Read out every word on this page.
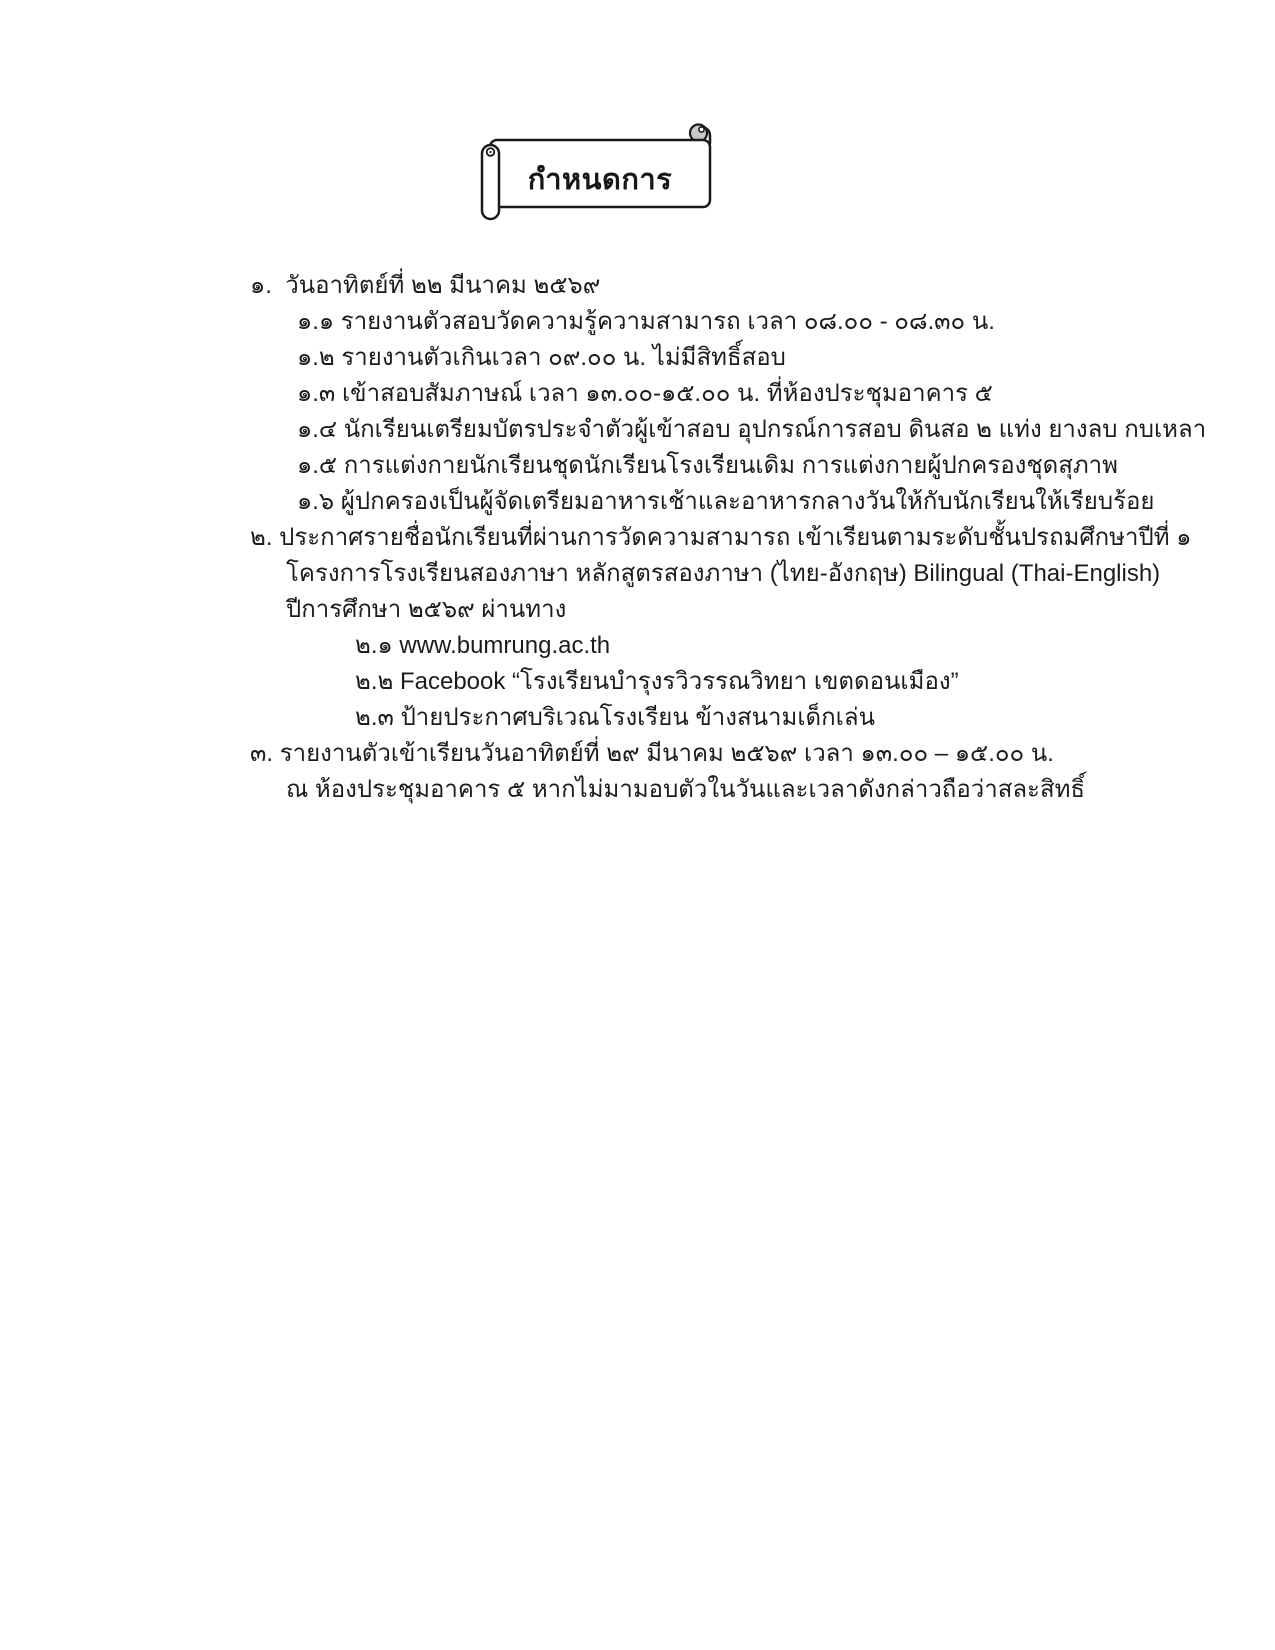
กำหนดการ
๑.  วันอาทิตย์ที่ ๒๒ มีนาคม ๒๕๖๙
๑.๑ รายงานตัวสอบวัดความรู้ความสามารถ เวลา ๐๘.๐๐ - ๐๘.๓๐ น.
๑.๒ รายงานตัวเกินเวลา ๐๙.๐๐ น. ไม่มีสิทธิ์สอบ
๑.๓ เข้าสอบสัมภาษณ์ เวลา ๑๓.๐๐-๑๕.๐๐ น. ที่ห้องประชุมอาคาร ๕
๑.๔ นักเรียนเตรียมบัตรประจำตัวผู้เข้าสอบ อุปกรณ์การสอบ ดินสอ ๒ แท่ง ยางลบ กบเหลา
๑.๕ การแต่งกายนักเรียนชุดนักเรียนโรงเรียนเดิม การแต่งกายผู้ปกครองชุดสุภาพ
๑.๖ ผู้ปกครองเป็นผู้จัดเตรียมอาหารเช้าและอาหารกลางวันให้กับนักเรียนให้เรียบร้อย
๒. ประกาศรายชื่อนักเรียนที่ผ่านการวัดความสามารถ เข้าเรียนตามระดับชั้นปรถมศึกษาปีที่ ๑
โครงการโรงเรียนสองภาษา หลักสูตรสองภาษา (ไทย-อังกฤษ) Bilingual (Thai-English)
ปีการศึกษา ๒๕๖๙ ผ่านทาง
๒.๑ www.bumrung.ac.th
๒.๒ Facebook “โรงเรียนบำรุงรวิวรรณวิทยา เขตดอนเมือง”
๒.๓ ป้ายประกาศบริเวณโรงเรียน ข้างสนามเด็กเล่น
๓. รายงานตัวเข้าเรียนวันอาทิตย์ที่ ๒๙ มีนาคม ๒๕๖๙ เวลา ๑๓.๐๐ – ๑๕.๐๐ น.
ณ ห้องประชุมอาคาร ๕ หากไม่มามอบตัวในวันและเวลาดังกล่าวถือว่าสละสิทธิ์
